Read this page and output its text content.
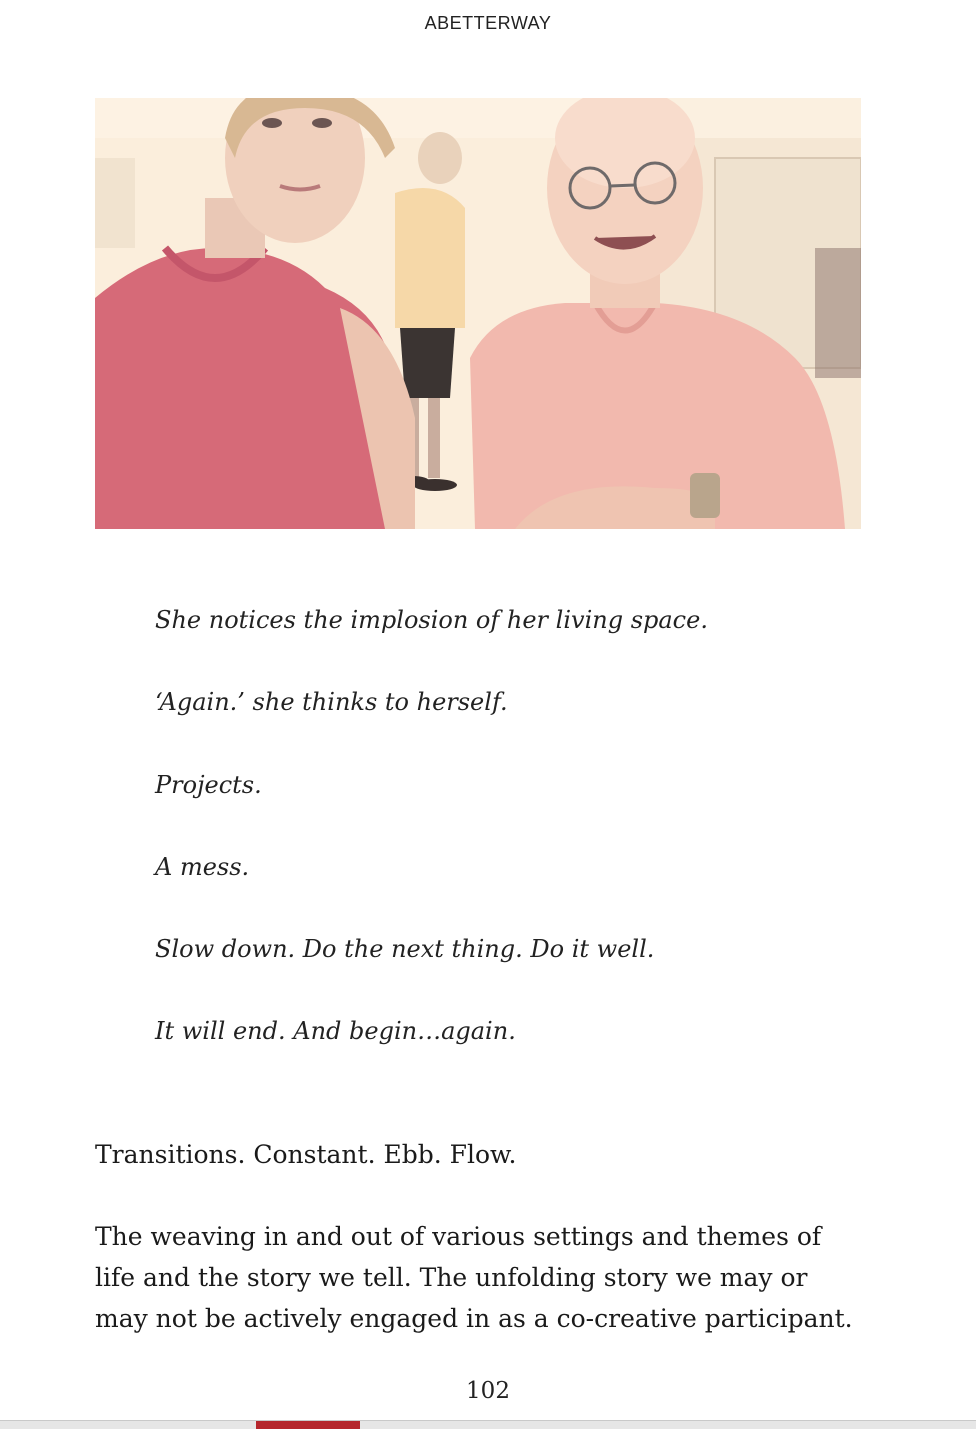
ABETTERWAY
She notices the implosion of her living space.
‘Again.’ she thinks to herself.
Projects.
A mess.
Slow down. Do the next thing. Do it well.
It will end. And begin…again.
Transitions. Constant. Ebb. Flow.
The weaving in and out of various settings and themes of life and the story we tell. The unfolding story we may or may not be actively engaged in as a co-creative participant.
102
